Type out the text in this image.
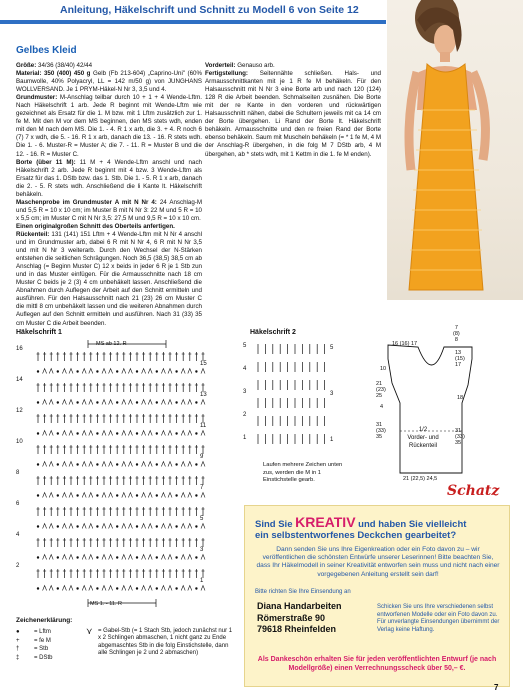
Anleitung, Häkelschrift und Schnitt zu Modell 6 von Seite 12
Gelbes Kleid

Größe: 34/36 (38/40) 42/44

Material: 350 (400) 450 g Gelb (Fb 213-604) „Caprino-Uni" (60% Baumwolle, 40% Polyacryl, LL = 142 m/50 g) von JUNGHANS WOLLVERSAND. Je 1 PRYM-Häkel-N Nr 3, 3,5 und 4.

Grundmuster: M-Anschlag teilbar durch 10 + 1 + 4 Wende-Lftm. Nach Häkelschrift 1 arb. Jede R beginnt mit Wende-Lftm wie gezeichnet als Ersatz für die 1. M bzw. mit 1 Lftm zusätzlich zur 1. fe M. Mit den M vor dem MS beginnen, den MS stets wdh, enden mit den M nach dem MS. Die 1. - 4. R 1 x arb, die 3. + 4. R noch 6 (7) 7 x wdh, die 5. - 16. R 1 x arb, danach die 13. - 16. R stets wdh. Die 1. - 6. Muster-R = Muster A; die 7. - 11. R = Muster B und die 12. - 16. R = Muster C.

Borte (über 11 M): 11 M + 4 Wende-Lftm anschl und nach Häkelschrift 2 arb. Jede R beginnt mit 4 bzw. 3 Wende-Lftm als Ersatz für das 1. DStb bzw. das 1. Stb. Die 1. - 5. R 1 x arb, danach die 2. - 5. R stets wdh. Anschließend die li Kante lt. Häkelschrift behäkeln.

Maschenprobe im Grundmuster A mit N Nr 4: 24 Anschlag-M und 5,5 R = 10 x 10 cm; im Muster B mit N Nr 3: 22 M und 5 R = 10 x 5,5 cm; im Muster C mit N Nr 3,5: 27,5 M und 9,5 R = 10 x 10 cm.

Einen originalgroßen Schnitt des Oberteils anfertigen.

Rückenteil: 131 (141) 151 Lftm + 4 Wende-Lftm mit N Nr 4 anschl und im Grundmuster arb, dabei 6 R mit N Nr 4, 6 R mit N Nr 3,5 und mit N Nr 3 weiterarb. Durch den Wechsel der N-Stärken entstehen die seitlichen Schrägungen. Noch 36,5 (38,5) 38,5 cm ab Anschlag (= Beginn Muster C) 12 x beids in jeder 6 R je 1 Stb zun und in das Muster einfügen. Für die Armausschnitte nach 18 cm Muster C beids je 2 (3) 4 cm unbehäkelt lassen. Anschließend die Abnahmen durch Auflegen der Arbeit auf den Schnitt ermitteln und ausführen. Für den Halsausschnitt nach 21 (23) 26 cm Muster C die mittl 8 cm unbehäkelt lassen und die weiteren Abnahmen durch Auflegen auf den Schnitt ermitteln und ausführen. Nach 31 (33) 35 cm Muster C die Arbeit beenden.

Vorderteil: Genauso arb.

Fertigstellung: Seitennähte schließen. Hals- und Armausschnittkanten mit je 1 R fe M behäkeln. Für den Halsausschnitt mit N Nr 3 eine Borte arb und nach 120 (124) 128 R die Arbeit beenden. Schmalseiten zusnähen. Die Borte mit der re Kante in den vorderen und rückwärtigen Halsausschnitt nähen, dabei die Schultern jeweils mit ca 14 cm der Borte übergehen. Li Rand der Borte lt. Häkelschrift behäkeln. Armausschnitte und den re freien Rand der Borte ebenso behäkeln. Saum mit Muscheln behäkeln (= * 1 fe M, 4 M der Anschlag-R übergehen, in die folg M 7 DStb arb, 4 M übergehen, ab * stets wdh, mit 1 Kettm in die 1. fe M enden).

Häkelschrift 1
MS ab 12. R
MS 1. - 11. R
16
14
12
10
8
6
4
2
15
13
11
9
7
5
3
1
Häkelschrift 2
5
4
3
2
1
5
3
1
Laufen mehrere Zeichen unten zus, werden die M in 1 Einstichstelle gearb.
16 (16) 17
7
(8)
8
10
21 (23) 25
4
31 (33) 35
13 (15) 17
18
31 (33) 35
1/2
Vorder- und
Rückenteil
21 (22,5) 24,5
Schatz
Zeichenerklärung:
● = Lftm
+ = fe M
† = Stb
‡ = DStb
⋎ = Gabel-Stb (= 1 Stach Stb, jedoch zunächst nur 1 x 2 Schlingen abmaschen, 1 nicht ganz zu Ende abgemaschtes Stb in die folg Einstichstelle, dann alle Schlingen je 2 und 2 abmaschen)
Sind Sie KREATIV und haben Sie vielleicht
ein selbstentworfenes Deckchen gearbeitet?
Dann senden Sie uns Ihre Eigenkreation oder ein Foto davon zu – wir veröffentlichen die schönsten Entwürfe unserer Leserinnen! Bitte beachten Sie, dass Ihr Häkelmodell in seiner Kreativität entworfen sein muss und nicht nach einer vorgegebenen Anleitung erstellt sein darf!
Bitte richten Sie Ihre Einsendung an
Diana Handarbeiten
Römerstraße 90
79618 Rheinfelden
Schicken Sie uns Ihre verschiedenen selbst entworfenen Modelle oder ein Foto davon zu. Für unverlangte Einsendungen übernimmt der Verlag keine Haftung.
Als Dankeschön erhalten Sie für jeden veröffentlichten Entwurf (je nach Modellgröße) einen Verrechnungsscheck über 50,– €.
7
